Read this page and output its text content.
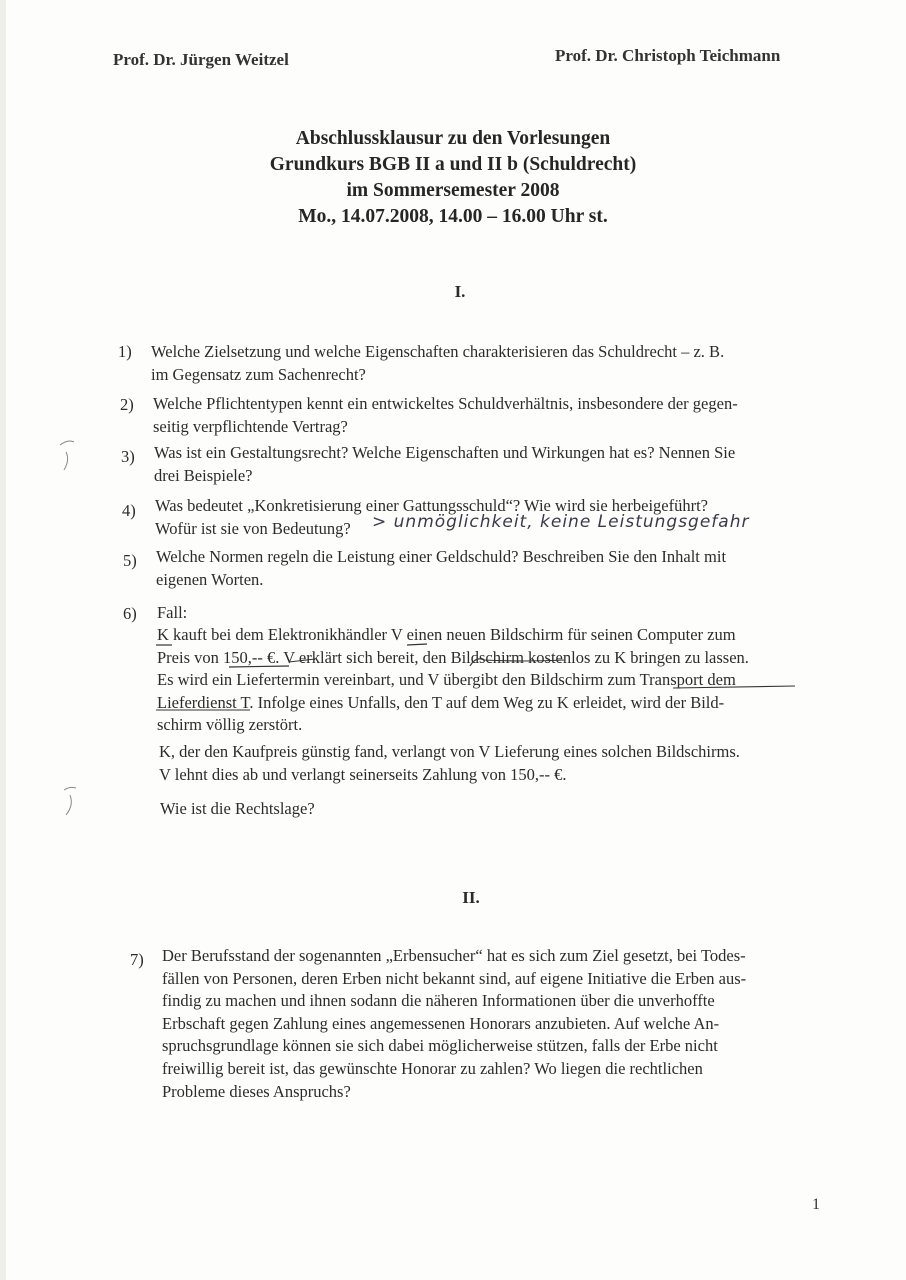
Prof. Dr. Jürgen Weitzel	Prof. Dr. Christoph Teichmann
Abschlussklausur zu den Vorlesungen
Grundkurs BGB II a und II b (Schuldrecht)
im Sommersemester 2008
Mo., 14.07.2008, 14.00 – 16.00 Uhr st.
I.
1) Welche Zielsetzung und welche Eigenschaften charakterisieren das Schuldrecht – z. B.
im Gegensatz zum Sachenrecht?
2) Welche Pflichtentypen kennt ein entwickeltes Schuldverhältnis, insbesondere der gegen-
seitig verpflichtende Vertrag?
3) Was ist ein Gestaltungsrecht? Welche Eigenschaften und Wirkungen hat es? Nennen Sie
drei Beispiele?
4) Was bedeutet „Konkretisierung einer Gattungsschuld“? Wie wird sie herbeigeführt?
Wofür ist sie von Bedeutung?	> unmöglichkeit, keine Leistungsgefahr
5) Welche Normen regeln die Leistung einer Geldschuld? Beschreiben Sie den Inhalt mit
eigenen Worten.
6) Fall:
K kauft bei dem Elektronikhändler V einen neuen Bildschirm für seinen Computer zum
Preis von 150,-- €. V erklärt sich bereit, den Bildschirm kostenlos zu K bringen zu lassen.
Es wird ein Liefertermin vereinbart, und V übergibt den Bildschirm zum Transport dem
Lieferdienst T. Infolge eines Unfalls, den T auf dem Weg zu K erleidet, wird der Bild-
schirm völlig zerstört.
K, der den Kaufpreis günstig fand, verlangt von V Lieferung eines solchen Bildschirms.
V lehnt dies ab und verlangt seinerseits Zahlung von 150,-- €.
Wie ist die Rechtslage?
II.
7) Der Berufsstand der sogenannten „Erbensucher“ hat es sich zum Ziel gesetzt, bei Todes-
fällen von Personen, deren Erben nicht bekannt sind, auf eigene Initiative die Erben aus-
findig zu machen und ihnen sodann die näheren Informationen über die unverhoffte
Erbschaft gegen Zahlung eines angemessenen Honorars anzubieten. Auf welche An-
spruchsgrundlage können sie sich dabei möglicherweise stützen, falls der Erbe nicht
freiwillig bereit ist, das gewünschte Honorar zu zahlen? Wo liegen die rechtlichen
Probleme dieses Anspruchs?
1
